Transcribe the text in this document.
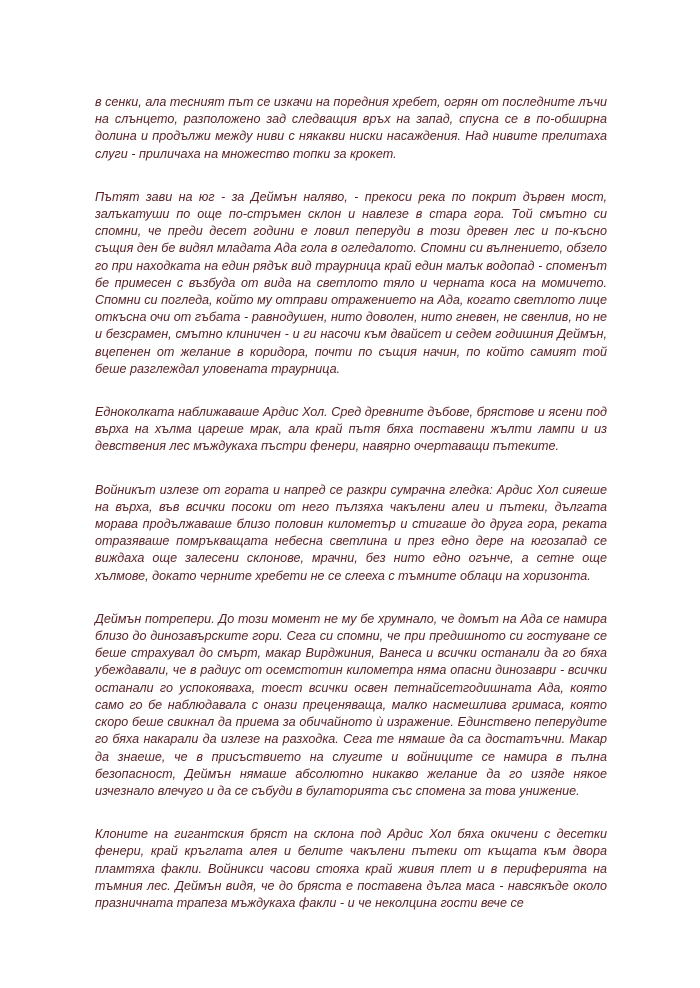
в сенки, ала тесният път се изкачи на поредния хребет, огрян от последните лъчи на слънцето, разположено зад следващия връх на запад, спусна се в по-обширна долина и продължи между ниви с някакви ниски насаждения. Над нивите прелитаха слуги - приличаха на множество топки за крокет.

Пътят зави на юг - за Деймън наляво, - прекоси река по покрит дървен мост, залъкатуши по още по-стръмен склон и навлезе в стара гора. Той смътно си спомни, че преди десет години е ловил пеперуди в този древен лес и по-късно същия ден бе видял младата Ада гола в огледалото. Спомни си вълнението, обзело го при находката на един рядък вид траурница край един малък водопад - споменът бе примесен с възбуда от вида на светлото тяло и черната коса на момичето. Спомни си погледа, който му отправи отражението на Ада, когато светлото лице откъсна очи от гъбата - равнодушен, нито доволен, нито гневен, не свенлив, но не и безсрамен, смътно клиничен - и ги насочи към двайсет и седем годишния Деймън, вцепенен от желание в коридора, почти по същия начин, по който самият той беше разглеждал уловената траурница.

Едноколката наближаваше Ардис Хол. Сред древните дъбове, брястове и ясени под върха на хълма цареше мрак, ала край пътя бяха поставени жълти лампи и из девствения лес мъждукаха пъстри фенери, навярно очертаващи пътеките.

Войникът излезе от гората и напред се разкри сумрачна гледка: Ардис Хол сияеше на върха, във всички посоки от него пълзяха чакълени алеи и пътеки, дългата морава продължаваше близо половин километър и стигаше до друга гора, реката отразяваше помръкващата небесна светлина и през едно дере на югозапад се виждаха още залесени склонове, мрачни, без нито едно огънче, а сетне още хълмове, докато черните хребети не се слееха с тъмните облаци на хоризонта.

Деймън потрепери. До този момент не му бе хрумнало, че домът на Ада се намира близо до динозавърските гори. Сега си спомни, че при предишното си гостуване се беше страхувал до смърт, макар Вирджиния, Ванеса и всички останали да го бяха убеждавали, че в радиус от осемстотин километра няма опасни динозаври - всички останали го успокояваха, тоест всички освен петнайсетгодишната Ада, която само го бе наблюдавала с онази преценяваща, малко насмешлива гримаса, която скоро беше свикнал да приема за обичайното ѝ изражение. Единствено пеперудите го бяха накарали да излезе на разходка. Сега те нямаше да са достатъчни. Макар да знаеше, че в присъствието на слугите и войниците се намира в пълна безопасност, Деймън нямаше абсолютно никакво желание да го изяде някое изчезнало влечуго и да се събуди в булаторията със спомена за това унижение.

Клоните на гигантския бряст на склона под Ардис Хол бяха окичени с десетки фенери, край кръглата алея и белите чакълени пътеки от къщата към двора пламтяха факли. Войникси часови стояха край живия плет и в периферията на тъмния лес. Деймън видя, че до бряста е поставена дълга маса - навсякъде около празничната трапеза мъждукаха факли - и че неколцина гости вече се
